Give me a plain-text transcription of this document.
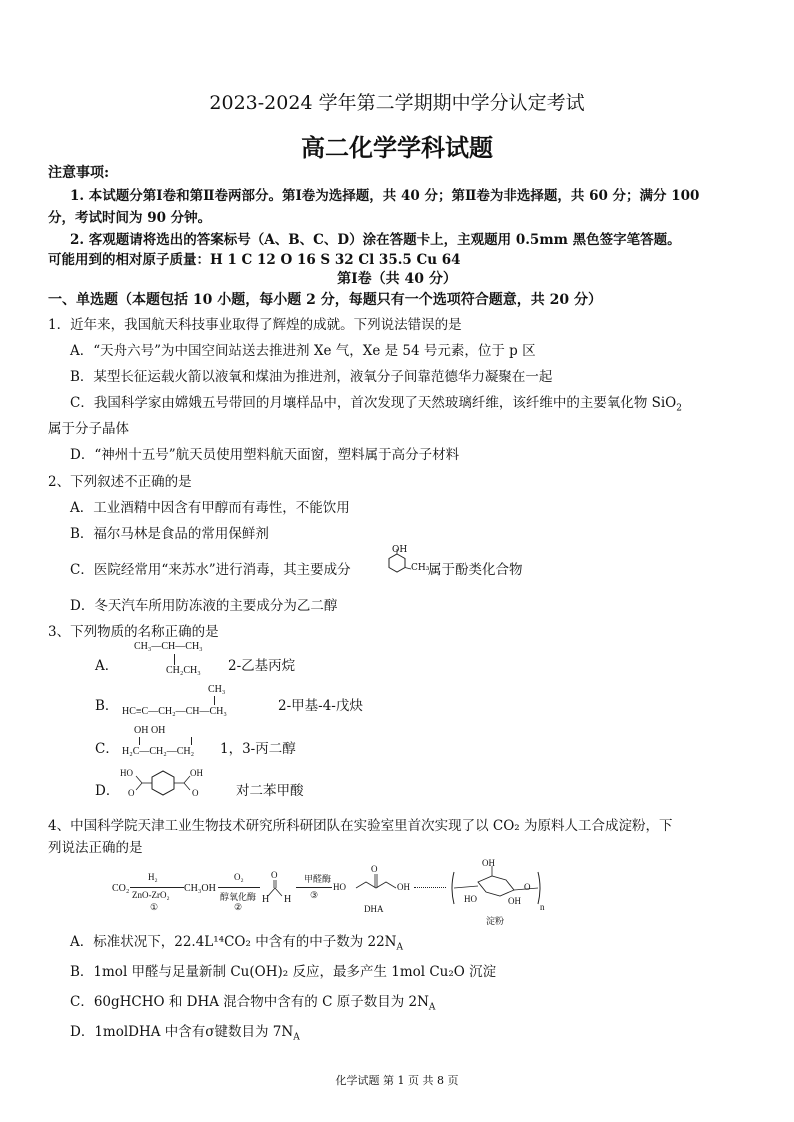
2023-2024 学年第二学期期中学分认定考试
高二化学学科试题
注意事项:
1. 本试题分第Ⅰ卷和第Ⅱ卷两部分。第Ⅰ卷为选择题，共 40 分；第Ⅱ卷为非选择题，共 60 分；满分 100
分，考试时间为 90 分钟。
2. 客观题请将选出的答案标号（A、B、C、D）涂在答题卡上，主观题用 0.5mm 黑色签字笔答题。
可能用到的相对原子质量：H 1 C 12 O 16 S 32 Cl 35.5 Cu 64
第Ⅰ卷（共 40 分）
一、单选题（本题包括 10 小题，每小题 2 分，每题只有一个选项符合题意，共 20 分）
1．近年来，我国航天科技事业取得了辉煌的成就。下列说法错误的是
A．“天舟六号”为中国空间站送去推进剂 Xe 气，Xe 是 54 号元素，位于 p 区
B．某型长征运载火箭以液氧和煤油为推进剂，液氧分子间靠范德华力凝聚在一起
C．我国科学家由嫦娥五号带回的月壤样品中，首次发现了天然玻璃纤维，该纤维中的主要氧化物 SiO$_2$
属于分子晶体
D．“神州十五号”航天员使用塑料航天面窗，塑料属于高分子材料
2、下列叙述不正确的是
A．工业酒精中因含有甲醇而有毒性，不能饮用
B．福尔马林是食品的常用保鲜剂
C．医院经常用“来苏水”进行消毒，其主要成分
OH
CH₃
属于酚类化合物
D．冬天汽车所用防冻液的主要成分为乙二醇
3、下列物质的名称正确的是
A．
CH₃—CH—CH₃
CH₂CH₃ 2-乙基丙烷
B．
CH₃
HC≡C—CH₂—CH—CH₃	2-甲基-4-戊炔
C．
OH OH
H₂C—CH₂—CH₂ 1，3-丙二醇
D．
HO
O
OH
O	对二苯甲酸
4、中国科学院天津工业生物技术研究所科研团队在实验室里首次实现了以 CO₂ 为原料人工合成淀粉，下
列说法正确的是
CO₂
H₂
ZnO-ZrO₂
①
CH₃OH
O₂
醇氧化酶
②
O
H H
甲醛酶
③
HO
O
OH
DHA
OH
O
HO	OH
n
淀粉
A．标准状况下，22.4L¹⁴CO₂ 中含有的中子数为 $22N_A$
B．1mol 甲醛与足量新制 Cu(OH)₂ 反应，最多产生 1mol Cu₂O 沉淀
C．60gHCHO 和 DHA 混合物中含有的 C 原子数目为 $2N_A$
D．1molDHA 中含有σ键数目为 $7N_A$
化学试题 第 1 页 共 8 页
